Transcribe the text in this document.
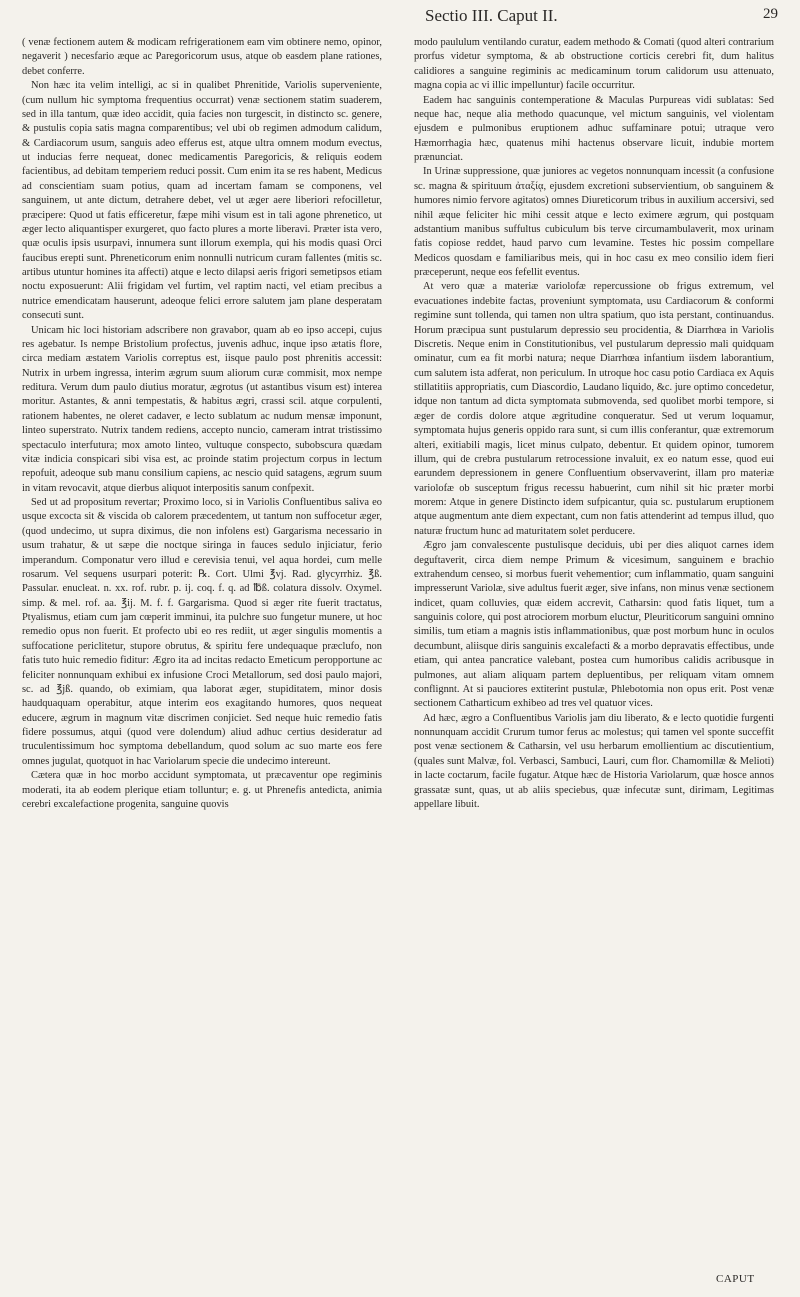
Sectio III. Caput II.	29

( venæ fectionem autem & modicam refrigerationem eam vim obtinere nemo, opinor, negaverit ) necesfario æque ac Paregoricorum usus, atque ob easdem plane rationes, debet conferre.

Non hæc ita velim intelligi, ac si in qualibet Phrenitide, Variolis supervenientе, (cum nullum hic symptoma frequentius occurrat) venæ sectionem statim suaderem, sed in illa tantum, quæ ideo accidit, quia facies non turgescit, in distincto sc. genere, & pustulis copia satis magna comparentibus; vel ubi ob regimen admodum calidum, & Cardiacorum usum, sanguis adeo efferus est, atque ultra omnem modum evectus, ut inducias ferre nequeat, donec medicamentis Paregoricis, & reliquis eodem facientibus, ad debitam temperiem reduci possit. Cum enim ita se res habent, Medicus ad conscientiam suam potius, quam ad incertam famam se componens, vel sanguinem, ut ante dictum, detrahere debet, vel ut æger aere liberiori refocilletur, præcipere: Quod ut fatis efficeretur, fæpe mihi visum est in tali agone phrenetico, ut æger lecto aliquantisper exurgeret, quo facto plures a morte liberavi. Præter ista vero, quæ oculis ipsis usurpavi, innumera sunt illorum exempla, qui his modis quasi Orci faucibus erepti sunt. Phreneticorum enim nonnulli nutricum curam fallentes (mitis sc. artibus utuntur homines ita affecti) atque e lecto dilapsi aeris frigori semetipsos etiam noctu exposuerunt: Alii frigidam vel furtim, vel raptim nacti, vel etiam precibus a nutrice emendicatam hauserunt, adeoque felici errore salutem jam plane desperatam consecuti sunt.

Unicam hic loci historiam adscribere non gravabor, quam ab eo ipso accepi, cujus res agebatur. Is nempe Bristolium profectus, juvenis adhuc, inque ipso ætatis flore, circa mediam æstatem Variolis correptus est, iisque paulo post phrenitis accessit: Nutrix in urbem ingressa, interim ægrum suum aliorum curæ commisit, mox nempe reditura. Verum dum paulo diutius moratur, ægrotus (ut astantibus visum est) interea moritur. Astantes, & anni tempestatis, & habitus ægri, crassi scil. atque corpulenti, rationem habentes, ne oleret cadaver, e lecto sublatum ac nudum mensæ imponunt, linteo superstrato. Nutrix tandem rediens, accepto nuncio, cameram intrat tristissimo spectaculo interfutura; mox amoto linteo, vultuque conspecto, subobscura quædam vitæ indicia conspicari sibi visa est, ac proinde statim projectum corpus in lectum repofuit, adeoque sub manu consilium capiens, ac nescio quid satagens, ægrum suum in vitam revocavit, atque dierbus aliquot interpositis sanum confpexit.

Sed ut ad propositum revertar; Proximo loco, si in Variolis Confluentibus saliva eo usque excocta sit & viscida ob calorem præcedentem, ut tantum non suffocetur æger, (quod undecimo, ut supra diximus, die non infolens est) Gargarisma necessario in usum trahatur, & ut sæpe die noctque siringa in fauces sedulo injiciatur, ferio imperandum. Componatur vero illud e cerevisia tenui, vel aqua hordei, cum melle rosarum. Vel sequens usurpari poterit: ℞. Cort. Ulmi ℥vj. Rad. glycyrrhiz. ℥ß. Passular. enucleat. n. xx. rof. rubr. p. ij. coq. f. q. ad ℔ß. colatura dissolv. Oxymel. simp. & mel. rof. aa. ℥ij. M. f. f. Gargarisma. Quod si æger rite fuerit tractatus, Ptyalismus, etiam cum jam cœperit imminui, ita pulchre suo fungetur munere, ut hoc remedio opus non fuerit. Et profecto ubi eo res rediit, ut æger singulis momentis a suffocatione periclitetur, stupore obrutus, & spiritu fere undequaque præclufo, non fatis tuto huic remedio fiditur: Ægro ita ad incitas redacto Emeticum peropportune ac feliciter nonnunquam exhibui ex infusione Croci Metallorum, sed dosi paulo majori, sc. ad ℥jß. quando, ob eximiam, qua laborat æger, stupiditatem, minor dosis haudquaquam operabitur, atque interim eos exagitando humores, quos nequeat educere, ægrum in magnum vitæ discrimen conjiciet. Sed neque huic remedio fatis fidere possumus, atqui (quod vere dolendum) aliud adhuc certius desideratur ad truculentissimum hoc symptoma debellandum, quod solum ac suo marte eos fere omnes jugulat, quotquot in hac Variolarum specie die undecimo intereunt.

Cætera quæ in hoc morbo accidunt symptomata, ut præcaventur ope regiminis moderati, ita ab eodem plerique etiam tolluntur; e. g. ut Phrenefis antedicta, animia cerebri excalefactione progenita, sanguine quovis

modo paululum ventilando curatur, eadem methodo & Comati (quod alteri contrarium prorfus videtur symptoma, & ab obstructione corticis cerebri fit, dum halitus calidiores a sanguine regiminis ac medicaminum torum calidorum usu attenuato, magna copia ac vi illic impelluntur) facile occurritur.

Eadem hac sanguinis contemperatione & Maculas Purpureas vidi sublatas: Sed neque hac, neque alia methodo quacunque, vel mictum sanguinis, vel violentam ejusdem e pulmonibus eruptionem adhuc suffaminare potui; utraque vero Hæmorrhagia hæc, quatenus mihi hactenus observare licuit, indubie mortem prænunciat.

In Urinæ suppressione, quæ juniores ac vegetos nonnunquam incessit (a confusione sc. magna & spirituum ἀταξίᾳ, ejusdem excretioni subservientium, ob sanguinem & humores nimio fervore agitatos) omnes Diureticorum tribus in auxilium accersivi, sed nihil æque feliciter hic mihi cessit atque e lecto eximere ægrum, qui postquam adstantium manibus suffultus cubiculum bis terve circumambulaverit, mox urinam fatis copiose reddet, haud parvo cum levamine. Testes hic possim compellare Medicos quosdam e familiaribus meis, qui in hoc casu ex meo consilio idem fieri præceperunt, neque eos fefellit eventus.

At vero quæ a materiæ variolofæ repercussione ob frigus extremum, vel evacuationes indebite factas, proveniunt symptomata, usu Cardiacorum & conformi regimine sunt tollenda, qui tamen non ultra spatium, quo ista perstant, continuandus. Horum præcipua sunt pustularum depressio seu procidentia, & Diarrhœa in Variolis Discretis. Neque enim in Constitutionibus, vel pustularum depressio mali quidquam ominatur, cum ea fit morbi natura; neque Diarrhœa infantium iisdem laborantium, cum salutem ista adferat, non periculum. In utroque hoc casu potio Cardiaca ex Aquis stillatitiis appropriatis, cum Diascordio, Laudano liquido, &c. jure optimo concedetur, idque non tantum ad dicta symptomata submovenda, sed quolibet morbi tempore, si æger de cordis dolore atque ægritudine conqueratur. Sed ut verum loquamur, symptomata hujus generis oppido rara sunt, si cum illis conferantur, quæ extremorum alteri, exitiabili magis, licet minus culpato, debentur. Et quidem opinor, tumorem illum, qui de crebra pustularum retrocessione invaluit, ex eo natum esse, quod eui earundem depressionem in genere Confluentium observaverint, illam pro materiæ variolofæ ob susceptum frigus recessu habuerint, cum nihil sit hic præter morbi morem: Atque in genere Distincto idem sufpicantur, quia sc. pustularum eruptionem atque augmentum ante diem expectant, cum non fatis attenderint ad tempus illud, quo naturæ fructum hunc ad maturitatem solet perducere.

Ægro jam convalescente pustulisque deciduis, ubi per dies aliquot carnes idem deguftaverit, circa diem nempe Primum & vicesimum, sanguinem e brachio extrahendum censeo, si morbus fuerit vehementior; cum inflammatio, quam sanguini impresserunt Variolæ, sive adultus fuerit æger, sive infans, non minus venæ sectionem indicet, quam colluvies, quæ eidem accrevit, Catharsin: quod fatis liquet, tum a sanguinis colore, qui post atrociorem morbum eluctur, Pleuriticorum sanguini omnino similis, tum etiam a magnis istis inflammationibus, quæ post morbum hunc in oculos decumbunt, aliisque diris sanguinis excalefacti & a morbo depravatis effectibus, unde etiam, qui antea pancratice valebant, postea cum humoribus calidis acribusque in pulmones, aut aliam aliquam partem depluentibus, per reliquam vitam omnem conflignnt. At si pauciores extiterint pustulæ, Phlebotomia non opus erit. Post venæ sectionem Catharticum exhibeo ad tres vel quatuor vices.

Ad hæc, ægro a Confluentibus Variolis jam diu liberato, & e lecto quotidie furgenti nonnunquam accidit Crurum tumor ferus ac molestus; qui tamen vel sponte succeffit post venæ sectionem & Catharsin, vel usu herbarum emollientium ac discutientium, (quales sunt Malvæ, fol. Verbasci, Sambuci, Lauri, cum flor. Chamomillæ & Melioti) in lacte coctarum, facile fugatur. Atque hæc de Historia Variolarum, quæ hosce annos grassatæ sunt, quas, ut ab aliis speciebus, quæ infecutæ sunt, dirimam, Legitimas appellare libuit.

CAPUT
